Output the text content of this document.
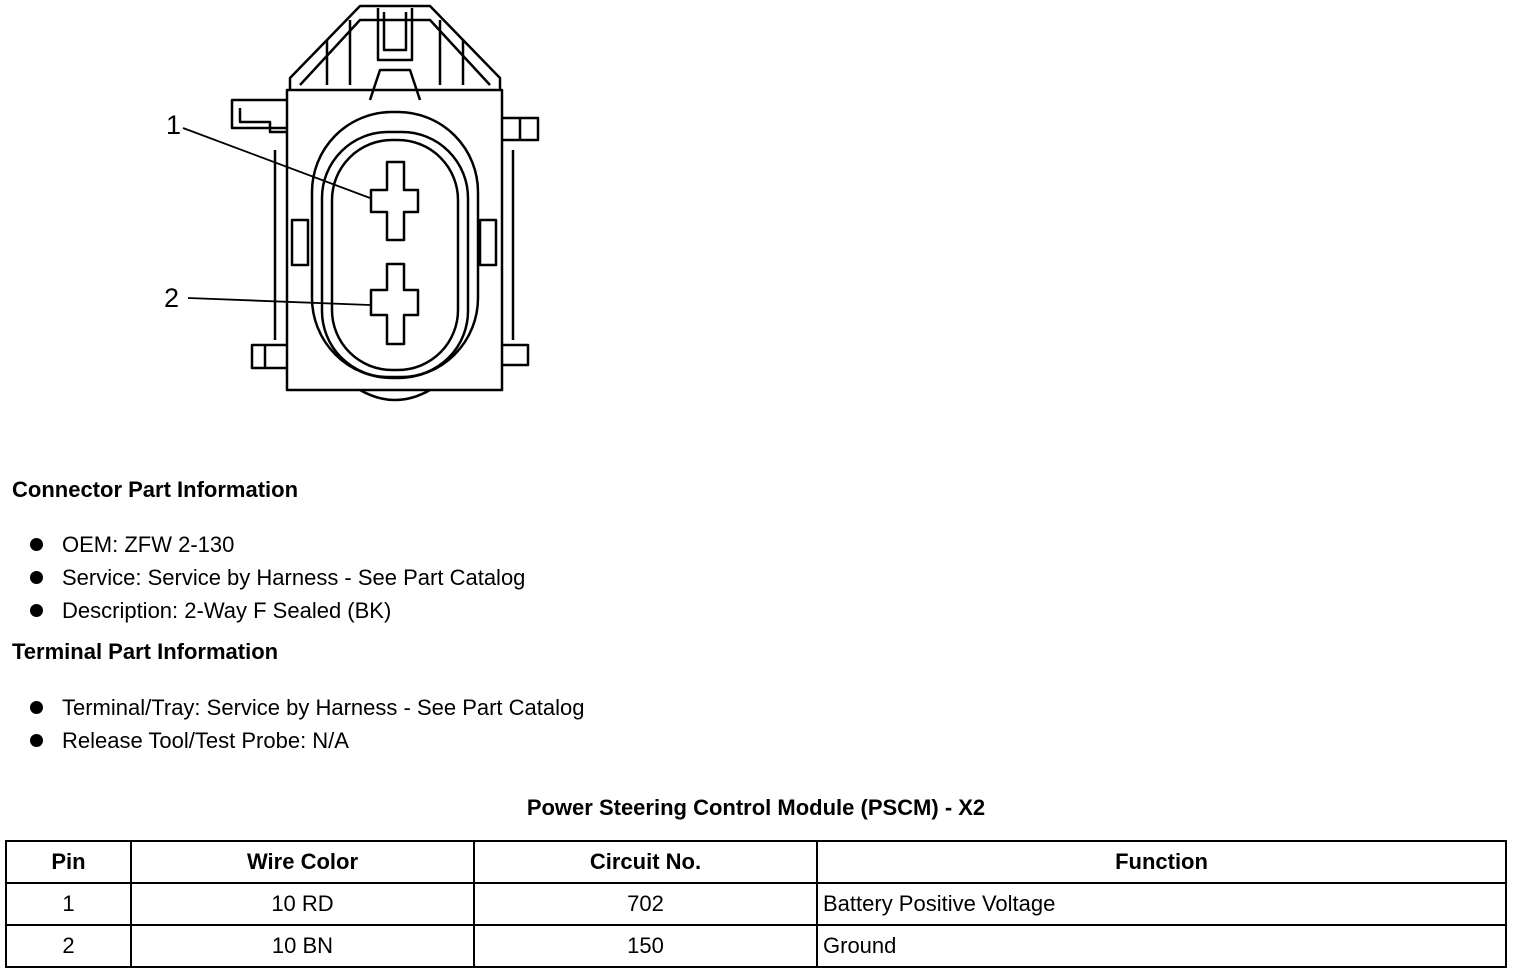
1
2
Connector Part Information
OEM: ZFW 2-130
Service: Service by Harness - See Part Catalog
Description: 2-Way F Sealed (BK)
Terminal Part Information
Terminal/Tray: Service by Harness - See Part Catalog
Release Tool/Test Probe: N/A
Power Steering Control Module (PSCM) - X2
Pin	Wire Color	Circuit No.	Function
1	10 RD	702	Battery Positive Voltage
2	10 BN	150	Ground
